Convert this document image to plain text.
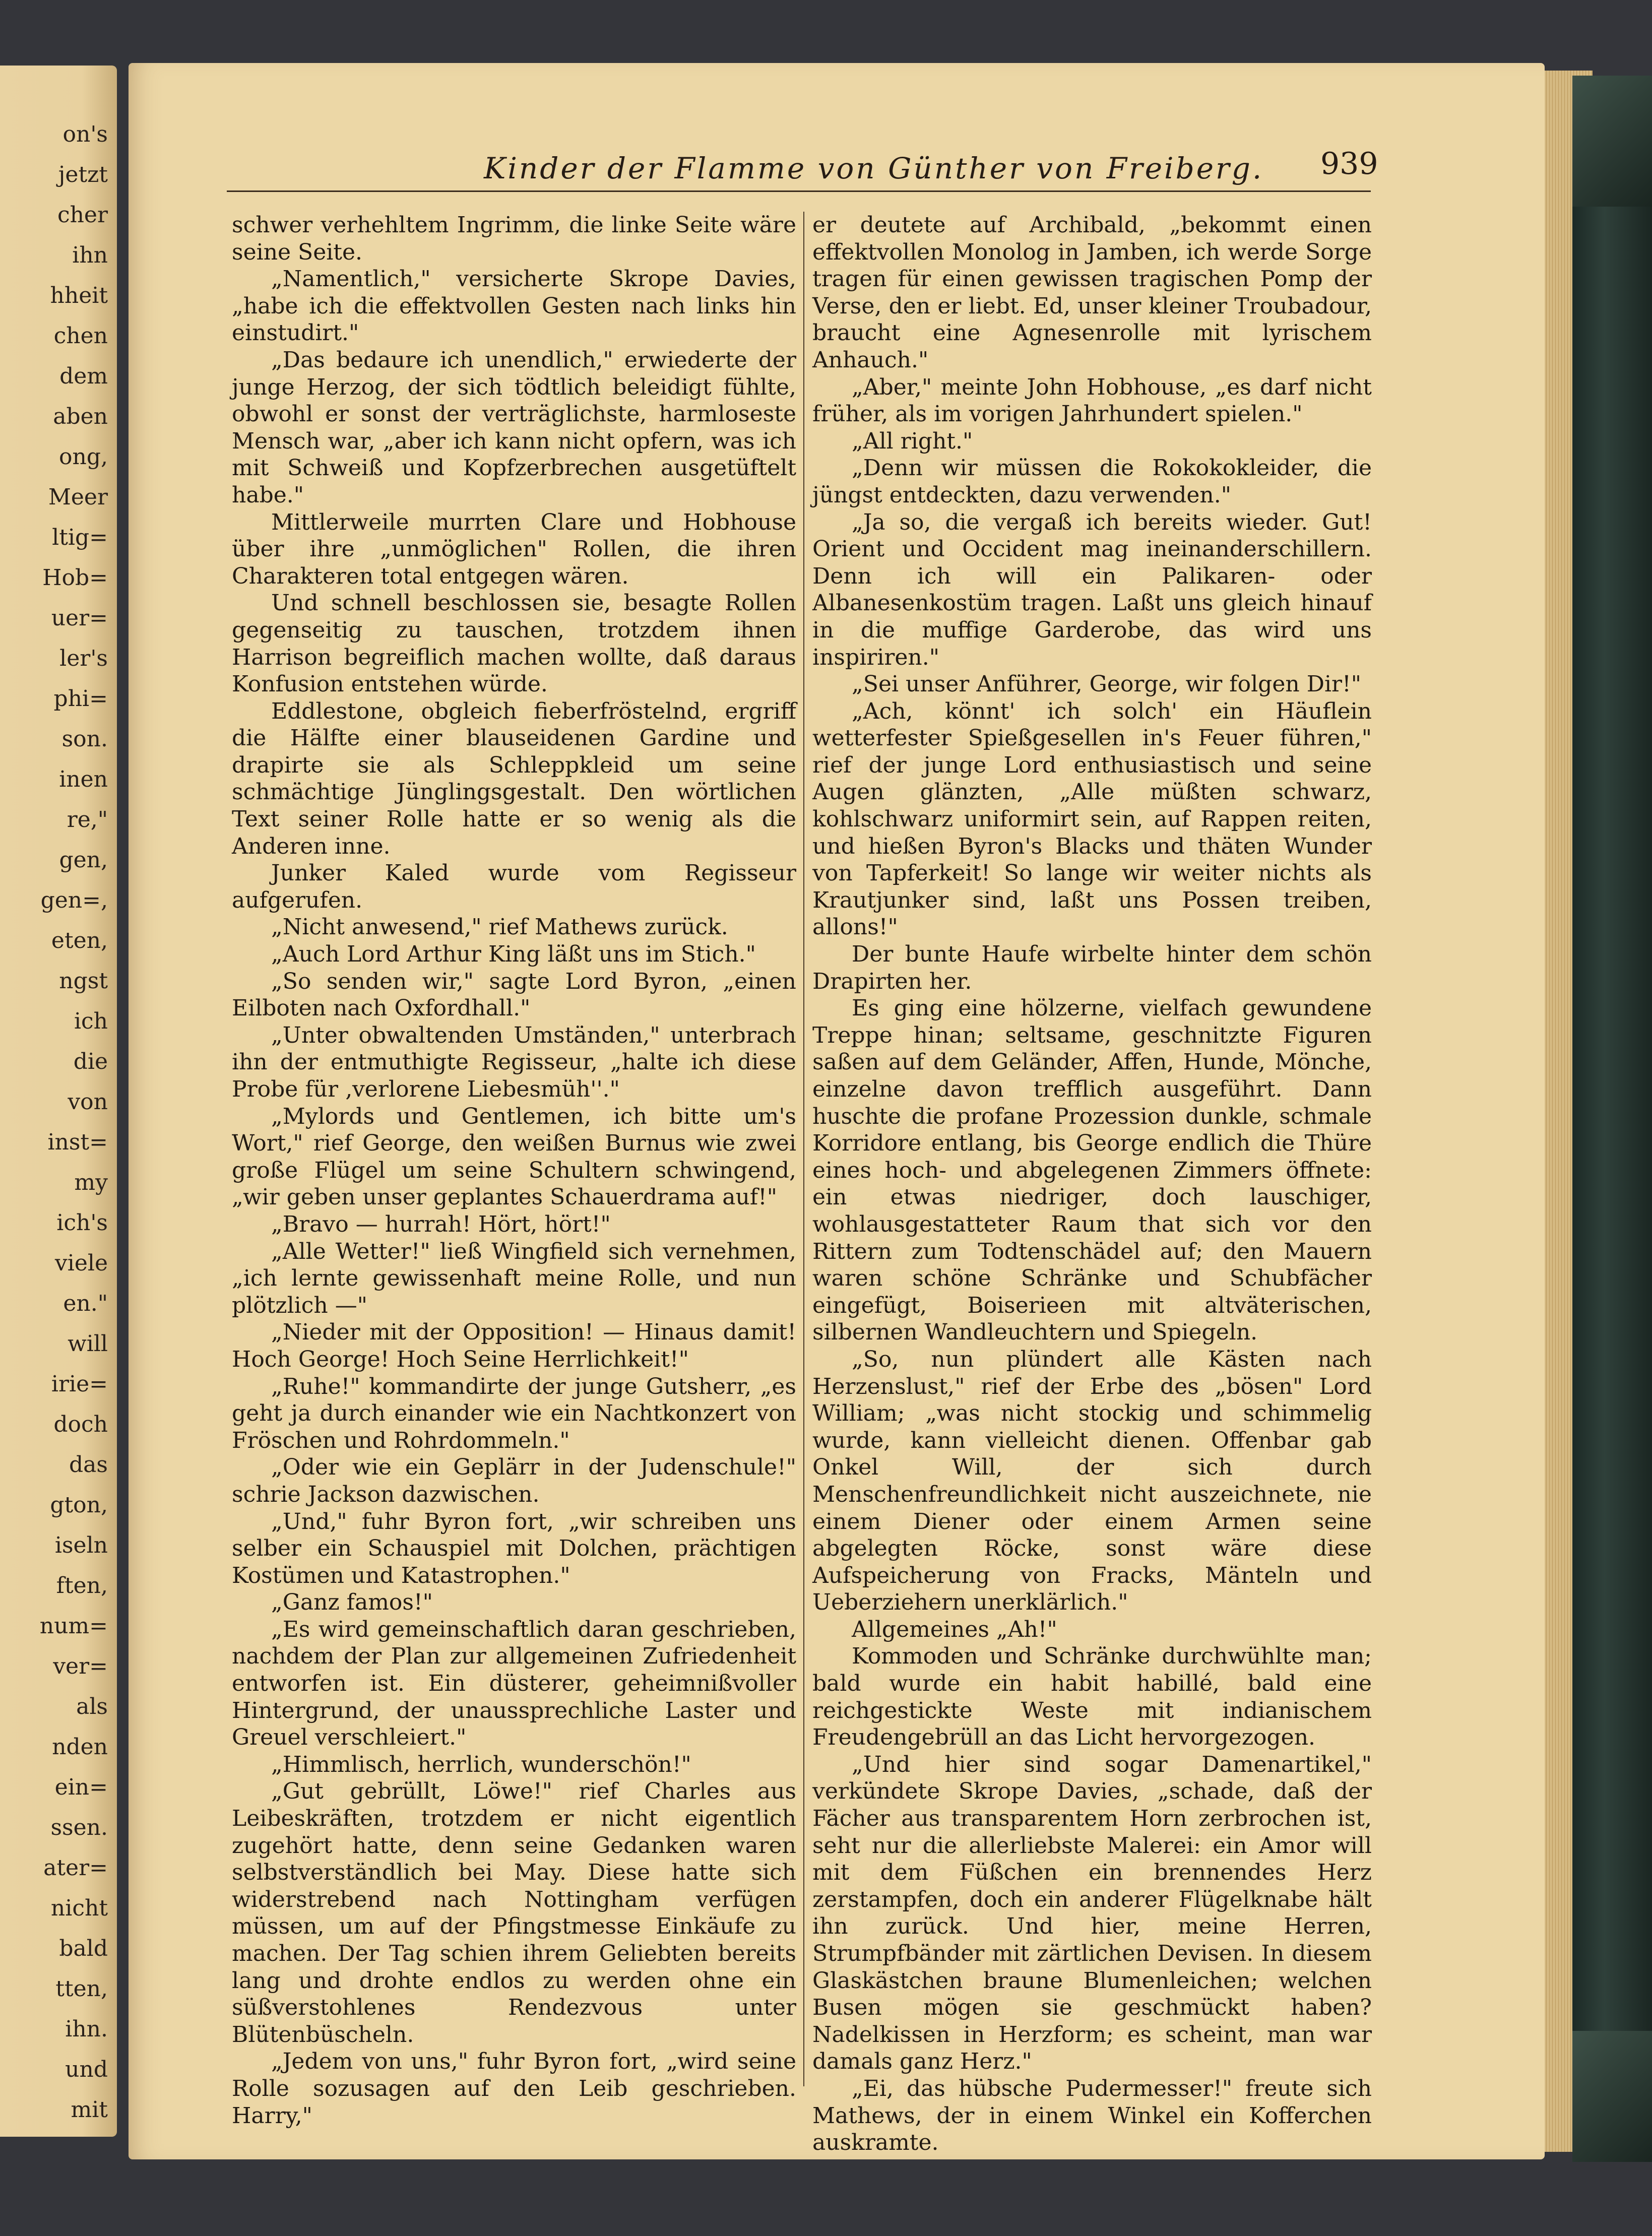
on's
jetzt
cher
ihn
hheit
chen
dem
aben
ong,
Meer
ltig=
Hob=
uer=
ler's
phi=
son.
inen
re,"
gen,
gen=,
eten,
ngst
ich
die
von
inst=
my
ich's
viele
en."
will
irie=
doch
das
gton,
iseln
ften,
num=
ver=
als
nden
ein=
ssen.
ater=
nicht
bald
tten,
ihn.
und
mit
Kinder der Flamme von Günther von Freiberg. 939

schwer verhehltem Ingrimm, die linke Seite wäre seine Seite.

„Namentlich," versicherte Skrope Davies, „habe ich die effektvollen Gesten nach links hin einstudirt."

„Das bedaure ich unendlich," erwiederte der junge Herzog, der sich tödtlich beleidigt fühlte, obwohl er sonst der verträglichste, harmloseste Mensch war, „aber ich kann nicht opfern, was ich mit Schweiß und Kopfzerbrechen ausgetüftelt habe."

Mittlerweile murrten Clare und Hobhouse über ihre „unmöglichen" Rollen, die ihren Charakteren total entgegen wären.

Und schnell beschlossen sie, besagte Rollen gegenseitig zu tauschen, trotzdem ihnen Harrison begreiflich machen wollte, daß daraus Konfusion entstehen würde.

Eddlestone, obgleich fieberfröstelnd, ergriff die Hälfte einer blauseidenen Gardine und drapirte sie als Schleppkleid um seine schmächtige Jünglingsgestalt. Den wörtlichen Text seiner Rolle hatte er so wenig als die Anderen inne.

Junker Kaled wurde vom Regisseur aufgerufen.

„Nicht anwesend," rief Mathews zurück.

„Auch Lord Arthur King läßt uns im Stich."

„So senden wir," sagte Lord Byron, „einen Eilboten nach Oxfordhall."

„Unter obwaltenden Umständen," unterbrach ihn der entmuthigte Regisseur, „halte ich diese Probe für ‚verlorene Liebesmüh''."

„Mylords und Gentlemen, ich bitte um's Wort," rief George, den weißen Burnus wie zwei große Flügel um seine Schultern schwingend, „wir geben unser geplantes Schauerdrama auf!"

„Bravo — hurrah! Hört, hört!"

„Alle Wetter!" ließ Wingfield sich vernehmen, „ich lernte gewissenhaft meine Rolle, und nun plötzlich —"

„Nieder mit der Opposition! — Hinaus damit! Hoch George! Hoch Seine Herrlichkeit!"

„Ruhe!" kommandirte der junge Gutsherr, „es geht ja durch einander wie ein Nachtkonzert von Fröschen und Rohrdommeln."

„Oder wie ein Geplärr in der Judenschule!" schrie Jackson dazwischen.

„Und," fuhr Byron fort, „wir schreiben uns selber ein Schauspiel mit Dolchen, prächtigen Kostümen und Katastrophen."

„Ganz famos!"

„Es wird gemeinschaftlich daran geschrieben, nachdem der Plan zur allgemeinen Zufriedenheit entworfen ist. Ein düsterer, geheimnißvoller Hintergrund, der unaussprechliche Laster und Greuel verschleiert."

„Himmlisch, herrlich, wunderschön!"

„Gut gebrüllt, Löwe!" rief Charles aus Leibeskräften, trotzdem er nicht eigentlich zugehört hatte, denn seine Gedanken waren selbstverständlich bei May. Diese hatte sich widerstrebend nach Nottingham verfügen müssen, um auf der Pfingstmesse Einkäufe zu machen. Der Tag schien ihrem Geliebten bereits lang und drohte endlos zu werden ohne ein süßverstohlenes Rendezvous unter Blütenbüscheln.

„Jedem von uns," fuhr Byron fort, „wird seine Rolle sozusagen auf den Leib geschrieben. Harry,"

er deutete auf Archibald, „bekommt einen effektvollen Monolog in Jamben, ich werde Sorge tragen für einen gewissen tragischen Pomp der Verse, den er liebt. Ed, unser kleiner Troubadour, braucht eine Agnesenrolle mit lyrischem Anhauch."

„Aber," meinte John Hobhouse, „es darf nicht früher, als im vorigen Jahrhundert spielen."

„All right."

„Denn wir müssen die Rokokokleider, die jüngst entdeckten, dazu verwenden."

„Ja so, die vergaß ich bereits wieder. Gut! Orient und Occident mag ineinanderschillern. Denn ich will ein Palikaren- oder Albanesenkostüm tragen. Laßt uns gleich hinauf in die muffige Garderobe, das wird uns inspiriren."

„Sei unser Anführer, George, wir folgen Dir!"

„Ach, könnt' ich solch' ein Häuflein wetterfester Spießgesellen in's Feuer führen," rief der junge Lord enthusiastisch und seine Augen glänzten, „Alle müßten schwarz, kohlschwarz uniformirt sein, auf Rappen reiten, und hießen Byron's Blacks und thäten Wunder von Tapferkeit! So lange wir weiter nichts als Krautjunker sind, laßt uns Possen treiben, allons!"

Der bunte Haufe wirbelte hinter dem schön Drapirten her.

Es ging eine hölzerne, vielfach gewundene Treppe hinan; seltsame, geschnitzte Figuren saßen auf dem Geländer, Affen, Hunde, Mönche, einzelne davon trefflich ausgeführt. Dann huschte die profane Prozession dunkle, schmale Korridore entlang, bis George endlich die Thüre eines hoch- und abgelegenen Zimmers öffnete: ein etwas niedriger, doch lauschiger, wohlausgestatteter Raum that sich vor den Rittern zum Todtenschädel auf; den Mauern waren schöne Schränke und Schubfächer eingefügt, Boiserieen mit altväterischen, silbernen Wandleuchtern und Spiegeln.

„So, nun plündert alle Kästen nach Herzenslust," rief der Erbe des „bösen" Lord William; „was nicht stockig und schimmelig wurde, kann vielleicht dienen. Offenbar gab Onkel Will, der sich durch Menschenfreundlichkeit nicht auszeichnete, nie einem Diener oder einem Armen seine abgelegten Röcke, sonst wäre diese Aufspeicherung von Fracks, Mänteln und Ueberziehern unerklärlich."

Allgemeines „Ah!"

Kommoden und Schränke durchwühlte man; bald wurde ein habit habillé, bald eine reichgestickte Weste mit indianischem Freudengebrüll an das Licht hervorgezogen.

„Und hier sind sogar Damenartikel," verkündete Skrope Davies, „schade, daß der Fächer aus transparentem Horn zerbrochen ist, seht nur die allerliebste Malerei: ein Amor will mit dem Füßchen ein brennendes Herz zerstampfen, doch ein anderer Flügelknabe hält ihn zurück. Und hier, meine Herren, Strumpfbänder mit zärtlichen Devisen. In diesem Glaskästchen braune Blumenleichen; welchen Busen mögen sie geschmückt haben? Nadelkissen in Herzform; es scheint, man war damals ganz Herz."

„Ei, das hübsche Pudermesser!" freute sich Mathews, der in einem Winkel ein Kofferchen auskramte.
